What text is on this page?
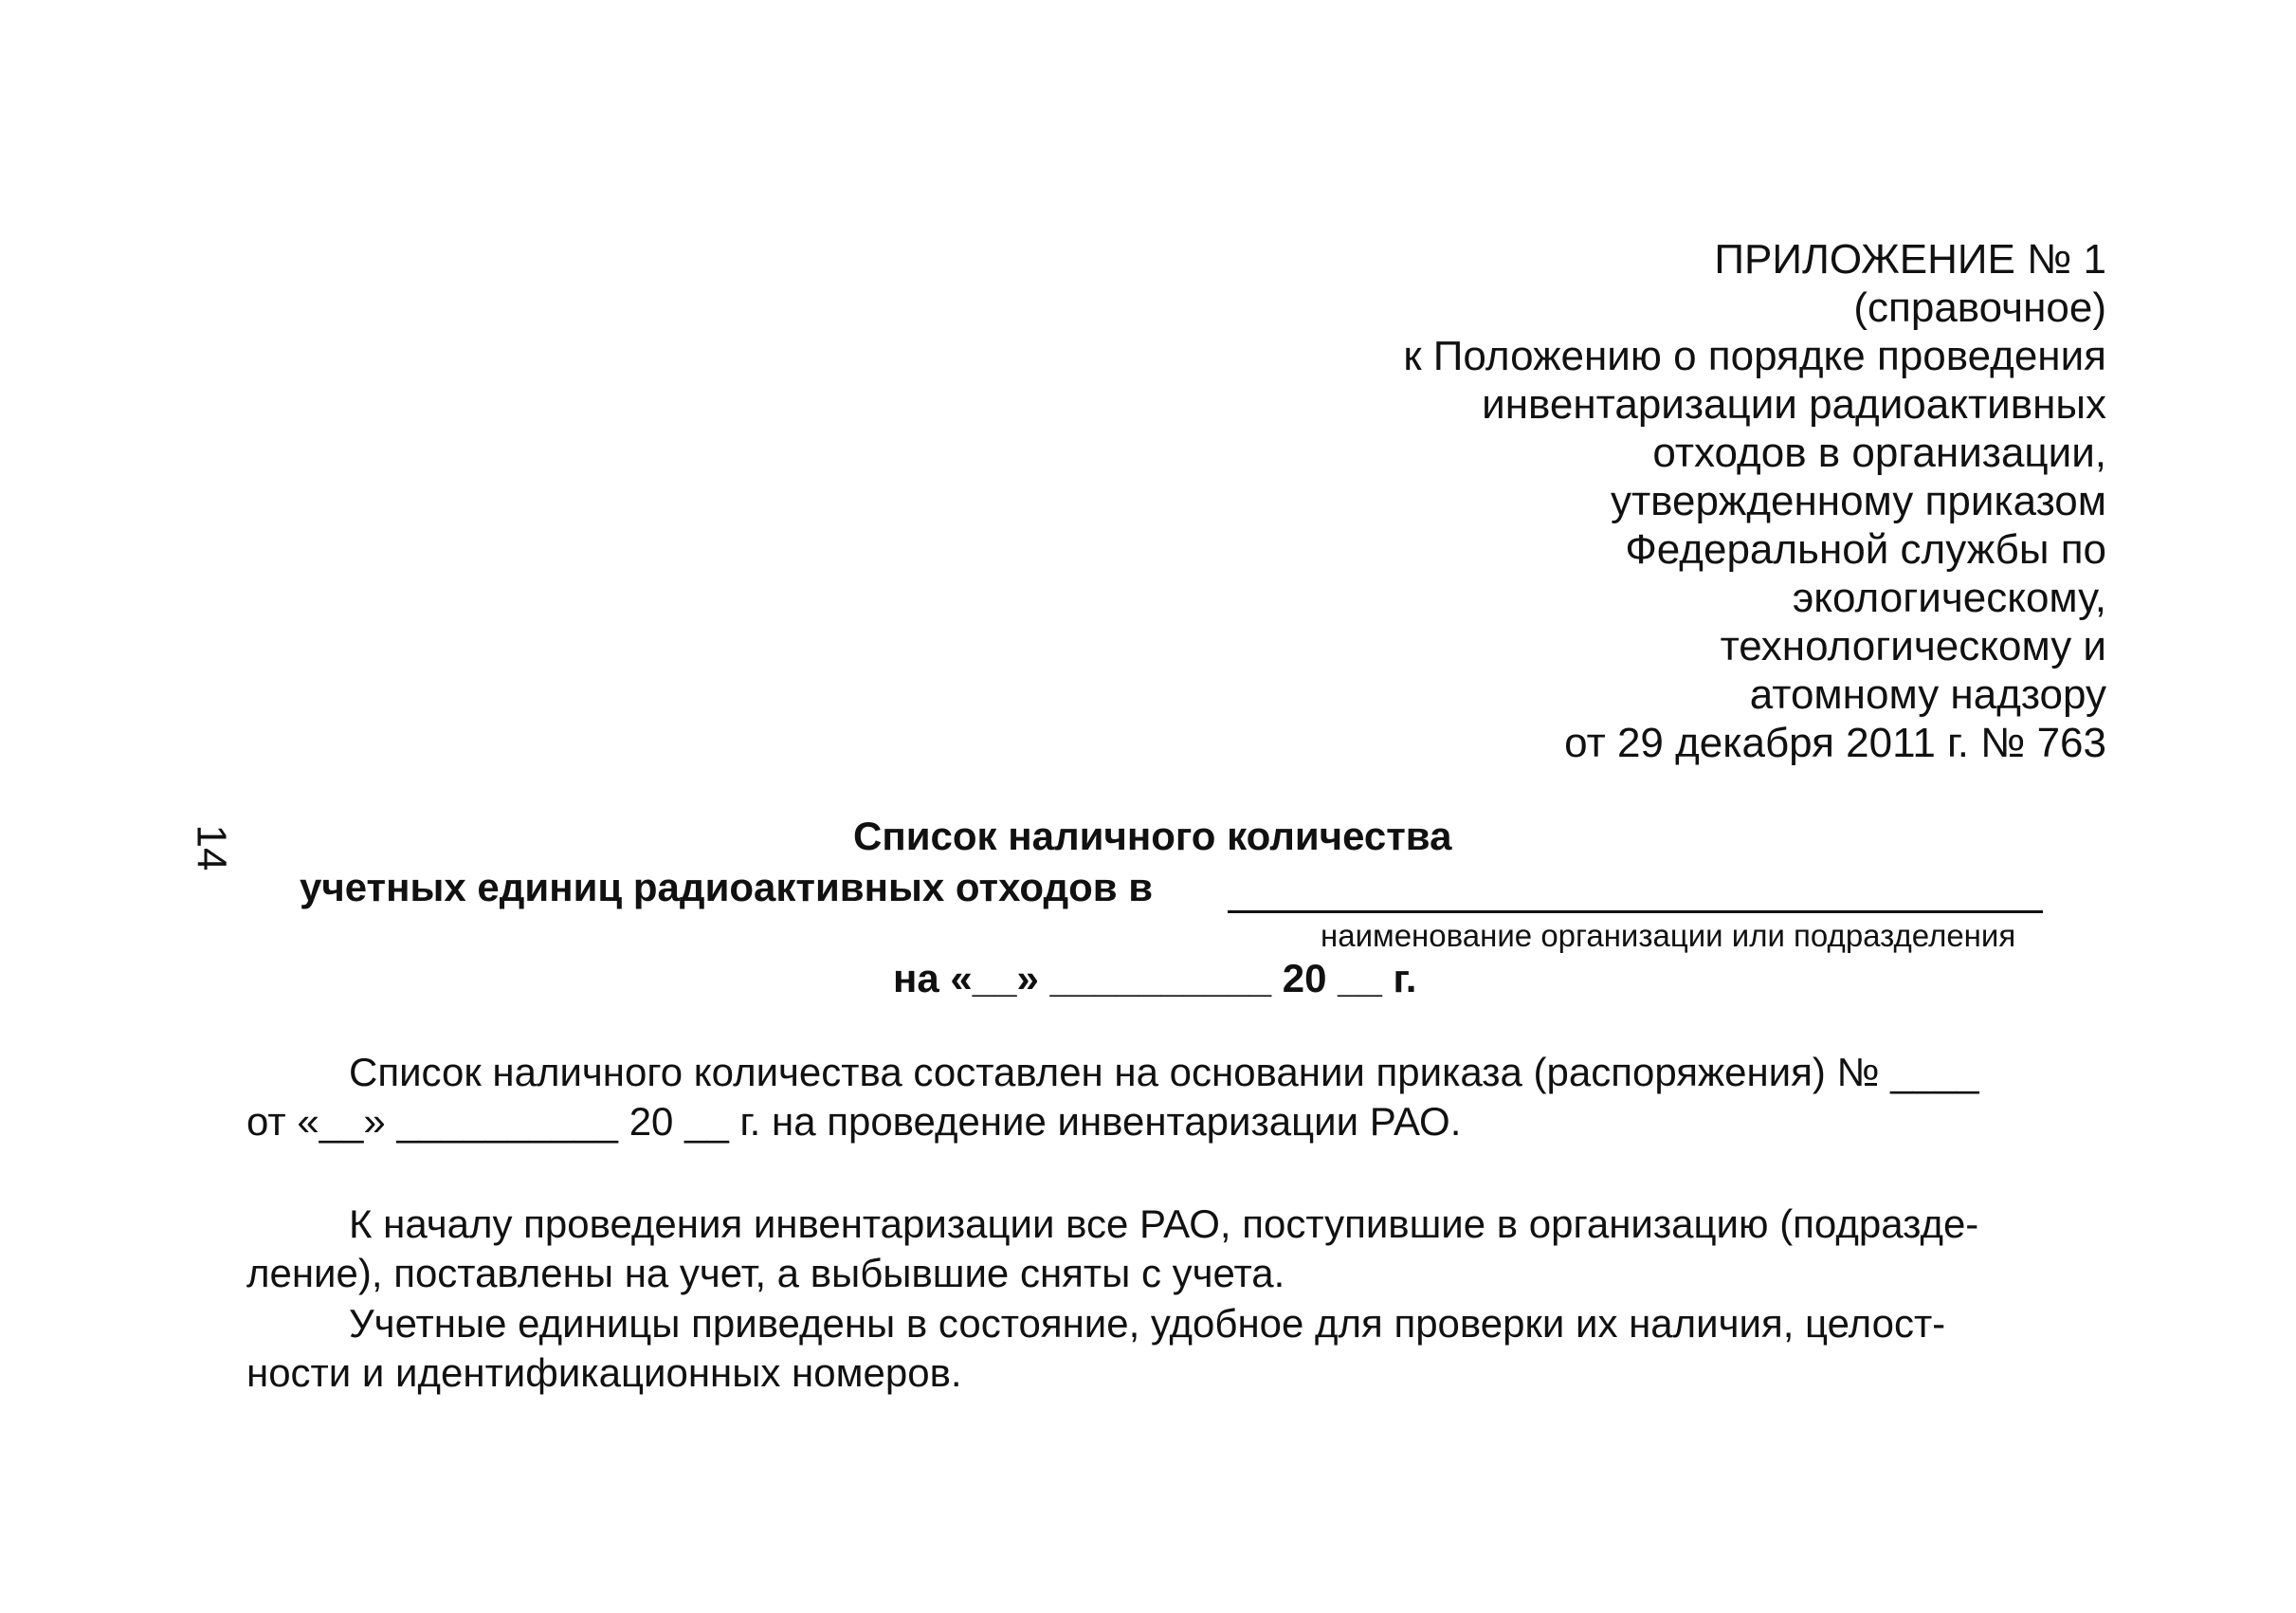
ПРИЛОЖЕНИЕ № 1
(справочное)
к Положению о порядке проведения
инвентаризации радиоактивных
отходов в организации,
утвержденному приказом
Федеральной службы по
экологическому,
технологическому и
атомному надзору
от 29 декабря 2011 г. № 763
14	Список наличного количества
учетных единиц радиоактивных отходов в
наименование организации или подразделения
на «__» __________ 20 __ г.
Список наличного количества составлен на основании приказа (распоряжения) № ____
от «__» __________ 20 __ г. на проведение инвентаризации РАО.
К началу проведения инвентаризации все РАО, поступившие в организацию (подразде-
ление), поставлены на учет, а выбывшие сняты с учета.
Учетные единицы приведены в состояние, удобное для проверки их наличия, целост-
ности и идентификационных номеров.
